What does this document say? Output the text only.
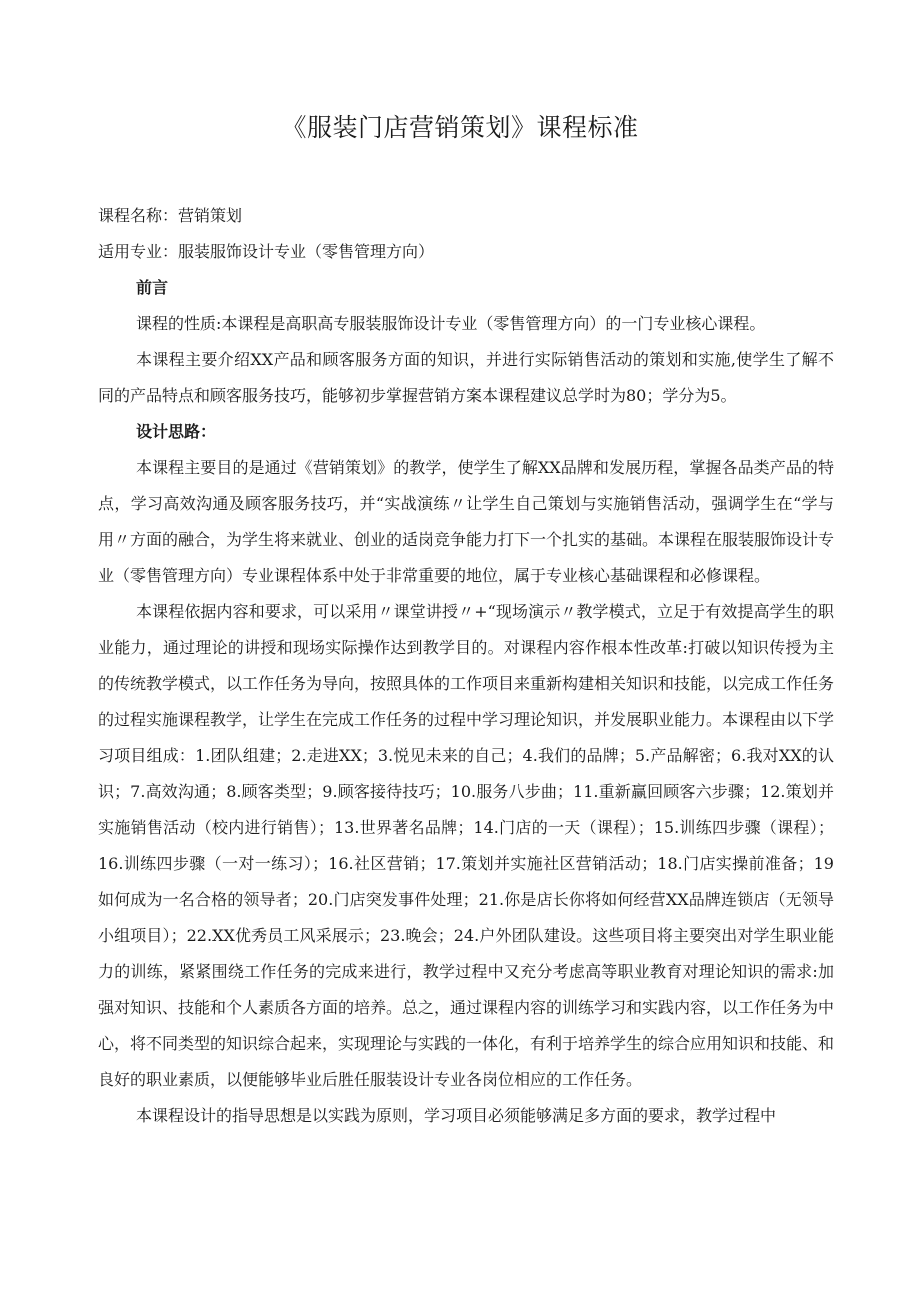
《服装门店营销策划》课程标准

课程名称：营销策划

适用专业：服装服饰设计专业（零售管理方向）

前言

课程的性质:本课程是高职高专服装服饰设计专业（零售管理方向）的一门专业核心课程。

本课程主要介绍XX产品和顾客服务方面的知识，并进行实际销售活动的策划和实施,使学生了解不同的产品特点和顾客服务技巧，能够初步掌握营销方案本课程建议总学时为80；学分为5。

设计思路：

本课程主要目的是通过《营销策划》的教学，使学生了解XX品牌和发展历程，掌握各品类产品的特点，学习高效沟通及顾客服务技巧，并“实战演练〃让学生自己策划与实施销售活动，强调学生在“学与用〃方面的融合，为学生将来就业、创业的适岗竞争能力打下一个扎实的基础。本课程在服装服饰设计专业（零售管理方向）专业课程体系中处于非常重要的地位，属于专业核心基础课程和必修课程。

本课程依据内容和要求，可以采用〃课堂讲授〃+“现场演示〃教学模式，立足于有效提高学生的职业能力，通过理论的讲授和现场实际操作达到教学目的。对课程内容作根本性改革:打破以知识传授为主的传统教学模式，以工作任务为导向，按照具体的工作项目来重新构建相关知识和技能，以完成工作任务的过程实施课程教学，让学生在完成工作任务的过程中学习理论知识，并发展职业能力。本课程由以下学习项目组成：1.团队组建；2.走进XX；3.悦见未来的自己；4.我们的品牌；5.产品解密；6.我对XX的认识；7.高效沟通；8.顾客类型；9.顾客接待技巧；10.服务八步曲；11.重新赢回顾客六步骤；12.策划并实施销售活动（校内进行销售）；13.世界著名品牌；14.门店的一天（课程）；15.训练四步骤（课程）；16.训练四步骤（一对一练习）；16.社区营销；17.策划并实施社区营销活动；18.门店实操前准备；19如何成为一名合格的领导者；20.门店突发事件处理；21.你是店长你将如何经营XX品牌连锁店（无领导小组项目）；22.XX优秀员工风采展示；23.晚会；24.户外团队建设。这些项目将主要突出对学生职业能力的训练，紧紧围绕工作任务的完成来进行，教学过程中又充分考虑高等职业教育对理论知识的需求:加强对知识、技能和个人素质各方面的培养。总之，通过课程内容的训练学习和实践内容，以工作任务为中心，将不同类型的知识综合起来，实现理论与实践的一体化，有利于培养学生的综合应用知识和技能、和良好的职业素质，以便能够毕业后胜任服装设计专业各岗位相应的工作任务。

本课程设计的指导思想是以实践为原则，学习项目必须能够满足多方面的要求，教学过程中
